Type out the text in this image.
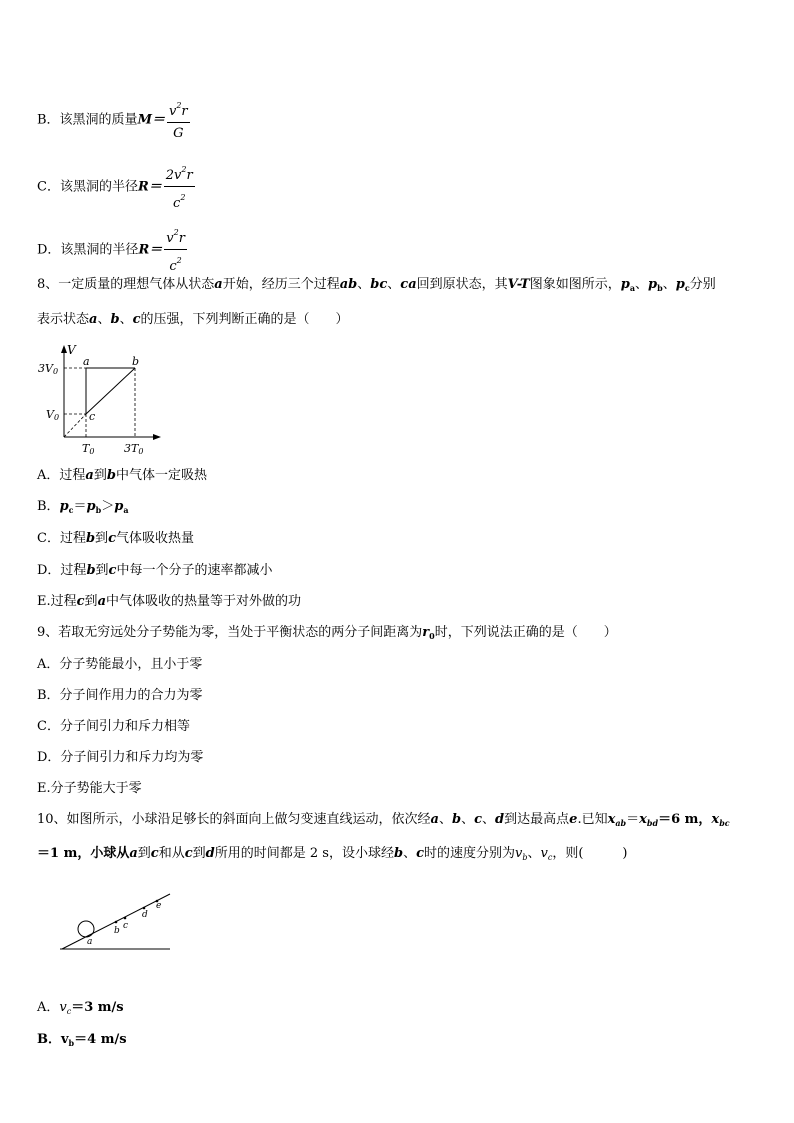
B．该黑洞的质量$M= \frac{v^2r}{G}$
C．该黑洞的半径$R= \frac{2v^2r}{c^2}$
D．该黑洞的半径$R= \frac{v^2r}{c^2}$
8、一定质量的理想气体从状态a开始，经历三个过程ab、bc、ca回到原状态，其V-T图象如图所示，$p_a$、$p_b$、$p_c$分别
表示状态a、b、c的压强，下列判断正确的是（　　）
V
3V0
V0
T0	3T0
a	b
c
A．过程a到b中气体一定吸热
B．$p_c=p_b>p_a$
C．过程b到c气体吸收热量
D．过程b到c中每一个分子的速率都减小
E.过程c到a中气体吸收的热量等于对外做的功
9、若取无穷远处分子势能为零，当处于平衡状态的两分子间距离为$r_0$时，下列说法正确的是（　　）
A．分子势能最小，且小于零
B．分子间作用力的合力为零
C．分子间引力和斥力相等
D．分子间引力和斥力均为零
E.分子势能大于零
10、如图所示，小球沿足够长的斜面向上做匀变速直线运动，依次经a、b、c、d到达最高点e.已知$x_{ab}=x_{bd}=6$ m，$x_{bc}$
＝1 m，小球从a到c和从c到d所用的时间都是 2 s，设小球经b、c时的速度分别为$v_b$、$v_c$，则(　　　)
a
b c
d
e
A．$v_c=3$ m/s
B．$v_b=4$ m/s
